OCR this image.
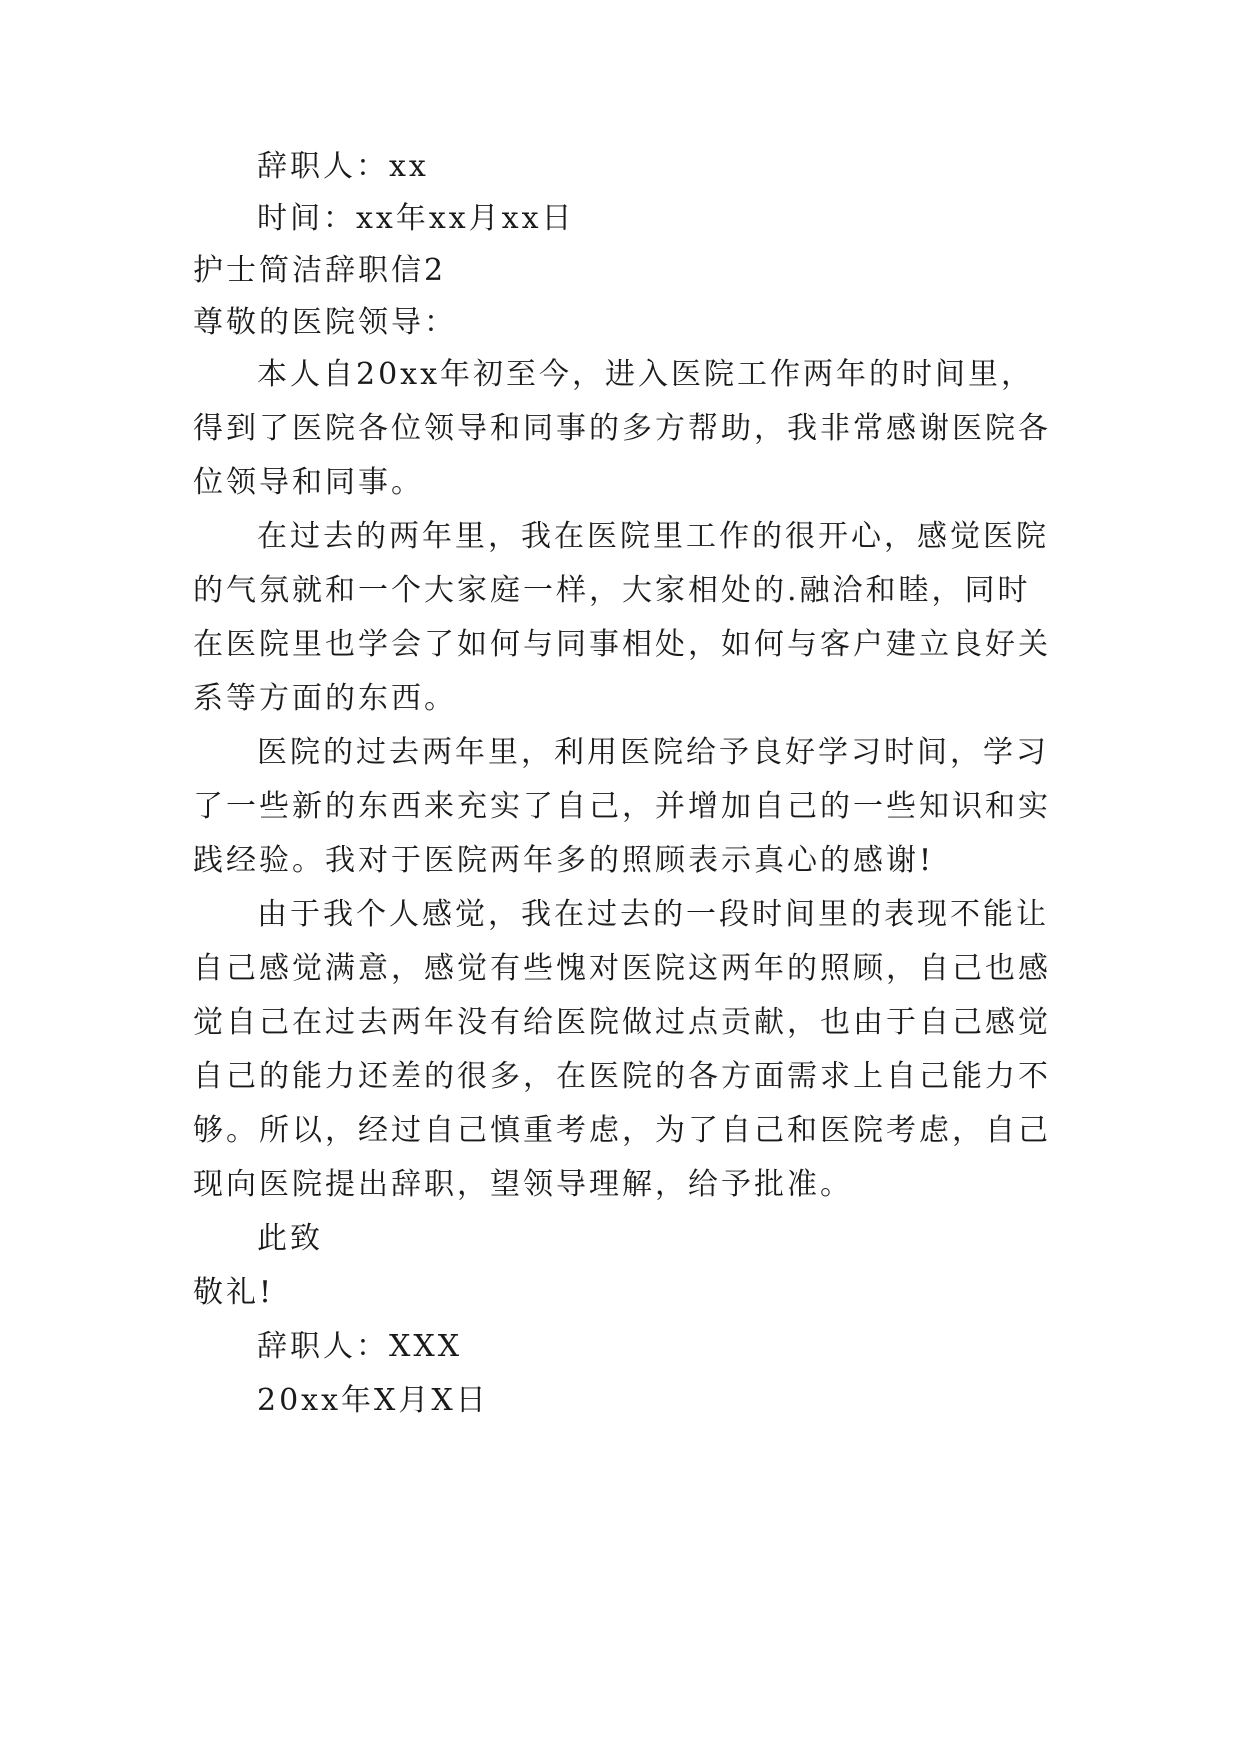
辞职人：xx
时间：xx年xx月xx日
护士简洁辞职信2
尊敬的医院领导：
本人自20xx年初至今，进入医院工作两年的时间里，
得到了医院各位领导和同事的多方帮助，我非常感谢医院各
位领导和同事。
在过去的两年里，我在医院里工作的很开心，感觉医院
的气氛就和一个大家庭一样，大家相处的.融洽和睦，同时
在医院里也学会了如何与同事相处，如何与客户建立良好关
系等方面的东西。
医院的过去两年里，利用医院给予良好学习时间，学习
了一些新的东西来充实了自己，并增加自己的一些知识和实
践经验。我对于医院两年多的照顾表示真心的感谢!
由于我个人感觉，我在过去的一段时间里的表现不能让
自己感觉满意，感觉有些愧对医院这两年的照顾，自己也感
觉自己在过去两年没有给医院做过点贡献，也由于自己感觉
自己的能力还差的很多，在医院的各方面需求上自己能力不
够。所以，经过自己慎重考虑，为了自己和医院考虑，自己
现向医院提出辞职，望领导理解，给予批准。
此致
敬礼!
辞职人：XXX
20xx年X月X日
